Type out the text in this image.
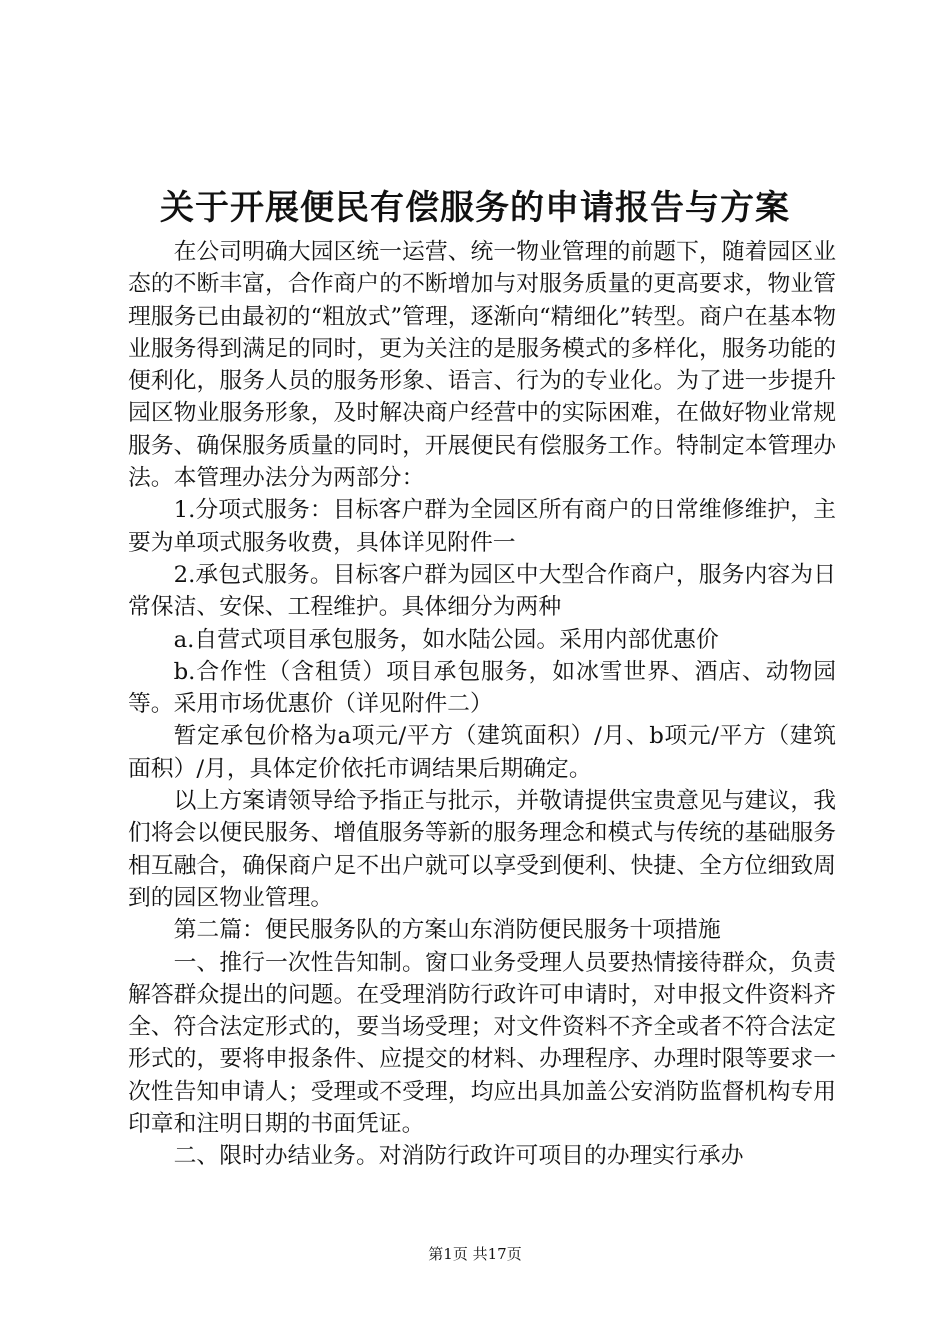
关于开展便民有偿服务的申请报告与方案

在公司明确大园区统一运营、统一物业管理的前题下，随着园区业态的不断丰富，合作商户的不断增加与对服务质量的更高要求，物业管理服务已由最初的“粗放式”管理，逐渐向“精细化”转型。商户在基本物业服务得到满足的同时，更为关注的是服务模式的多样化，服务功能的便利化，服务人员的服务形象、语言、行为的专业化。为了进一步提升园区物业服务形象，及时解决商户经营中的实际困难，在做好物业常规服务、确保服务质量的同时，开展便民有偿服务工作。特制定本管理办法。本管理办法分为两部分：

1.分项式服务：目标客户群为全园区所有商户的日常维修维护，主要为单项式服务收费，具体详见附件一

2.承包式服务。目标客户群为园区中大型合作商户，服务内容为日常保洁、安保、工程维护。具体细分为两种

a.自营式项目承包服务，如水陆公园。采用内部优惠价

b.合作性（含租赁）项目承包服务，如冰雪世界、酒店、动物园等。采用市场优惠价（详见附件二）

暂定承包价格为a项元/平方（建筑面积）/月、b项元/平方（建筑面积）/月，具体定价依托市调结果后期确定。

以上方案请领导给予指正与批示，并敬请提供宝贵意见与建议，我们将会以便民服务、增值服务等新的服务理念和模式与传统的基础服务相互融合，确保商户足不出户就可以享受到便利、快捷、全方位细致周到的园区物业管理。

第二篇：便民服务队的方案山东消防便民服务十项措施

一、推行一次性告知制。窗口业务受理人员要热情接待群众，负责解答群众提出的问题。在受理消防行政许可申请时，对申报文件资料齐全、符合法定形式的，要当场受理；对文件资料不齐全或者不符合法定形式的，要将申报条件、应提交的材料、办理程序、办理时限等要求一次性告知申请人；受理或不受理，均应出具加盖公安消防监督机构专用印章和注明日期的书面凭证。

二、限时办结业务。对消防行政许可项目的办理实行承办

第1页 共17页
